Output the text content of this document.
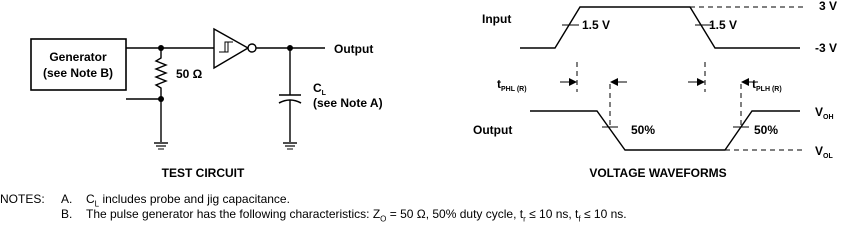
Generator
(see Note B)	50 Ω
Output
$C_L$
(see Note A)
TEST CIRCUIT
Input
3 V
-3 V
1.5 V	1.5 V
$t_{PHL (R)}$	$t_{PLH (R)}$
Output
$V_{OH}$
$V_{OL}$
50%	50%
VOLTAGE WAVEFORMS
NOTES: A. $C_L$ includes probe and jig capacitance.
B. The pulse generator has the following characteristics: $Z_O = 50$ Ω, 50% duty cycle, $t_r \le 10$ ns, $t_f \le 10$ ns.
